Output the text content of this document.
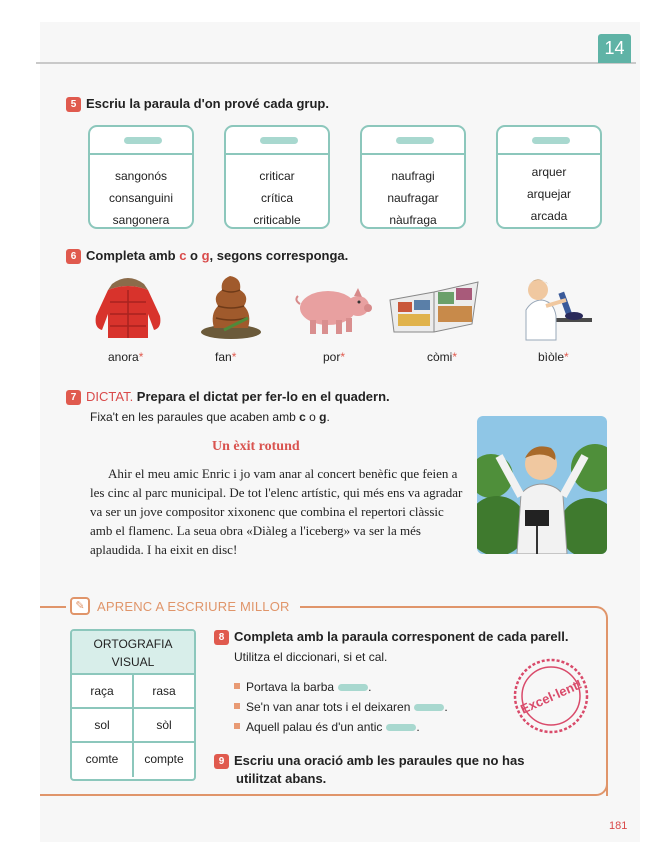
14
5 Escriu la paraula d'on prové cada grup.
sangonós
consanguini
sangonera
criticar
crítica
criticable
naufragi
naufragar
nàufraga
arquer
arquejar
arcada
6 Completa amb c o g, segons corresponga.
anora*	fan*	por*	còmi*	bìòle*
7 DICTAT. Prepara el dictat per fer-lo en el quadern.
Fixa't en les paraules que acaben amb c o g.
Un èxit rotund
Ahir el meu amic Enric i jo vam anar al concert benèfic que feien a les cinc al parc municipal. De tot l'elenc artístic, qui més ens va agradar va ser un jove compositor xixonenc que combina el repertori clàssic amb el flamenc. La seua obra «Diàleg a l'iceberg» va ser la més aplaudida. I ha eixit en disc!
✎ APRENC A ESCRIURE MILLOR
ORTOGRAFIA
VISUAL
raça	rasa
sol	sòl
comte	compte
8 Completa amb la paraula corresponent de cada parell.
Utilitza el diccionari, si et cal.
Portava la barba	.
Se'n van anar tots i el deixaren	.
Aquell palau és d'un antic	.
9 Escriu una oració amb les paraules que no has
utilitzat abans.
Excel·lent!
181
